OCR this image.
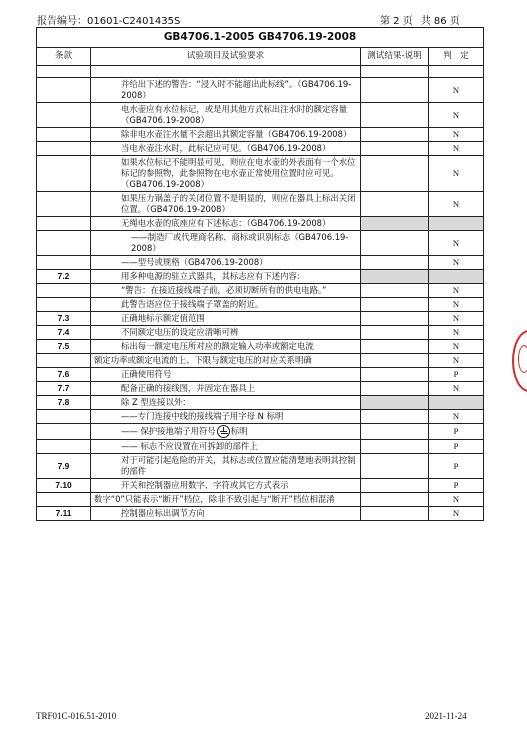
报告编号：01601-C2401435S	第 2 页 共 86 页
GB4706.1-2005 GB4706.19-2008			
条款	试验项目及试验要求	测试结果-说明	判　定

	并给出下述的警告：“浸入时不能超出此标线”。（GB4706.19-2008）		N
	电水壶应有水位标记，或是用其他方式标出注水时的额定容量（GB4706.19-2008）		N
	除非电水壶注水量不会超出其额定容量（GB4706.19-2008）		N
	当电水壶注水时，此标记应可见。（GB4706.19-2008）		N
	如果水位标记不能明显可见，则应在电水壶的外表面有一个水位标记的参照物，此参照物在电水壶正常使用位置时应可见。（GB4706.19-2008）		N
	如果压力锅盖子的关闭位置不是明显的，则应在器具上标出关闭位置。（GB4706.19-2008）		N
	无绳电水壶的底座应有下述标志：（GB4706.19-2008）		
	——制造厂或代理商名称、商标或识别标志（GB4706.19-2008）		N
	——型号或规格（GB4706.19-2008）		N
7.2	用多种电源的驻立式器具，其标志应有下述内容:		
	“警告：在接近接线端子前，必须切断所有的供电电路。”		N
	此警告语应位于接线端子罩盖的附近。		N
7.3	正确地标示额定值范围		N
7.4	不同额定电压的设定应清晰可辨		N
7.5	标出每一额定电压所对应的额定输入功率或额定电流		N
	额定功率或额定电流的上、下限与额定电压的对应关系明确		N
7.6	正确使用符号		P
7.7	配备正确的接线图，并固定在器具上		N
7.8	除 Z 型连接以外：		
	——专门连接中线的接线端子用字母 N 标明		N
	—— 保护接地端子用符号 标明		P
	—— 标志不应设置在可拆卸的部件上		P
7.9	对于可能引起危险的开关，其标志或位置应能清楚地表明其控制的部件		P
7.10	开关和控制器应用数字、字符或其它方式表示		P
	数字“0”只能表示“断开”档位，除非不致引起与“断开”档位相混淆		N
7.11	控制器应标出调节方向		N
TRF01C-016.51-2010	2021-11-24
